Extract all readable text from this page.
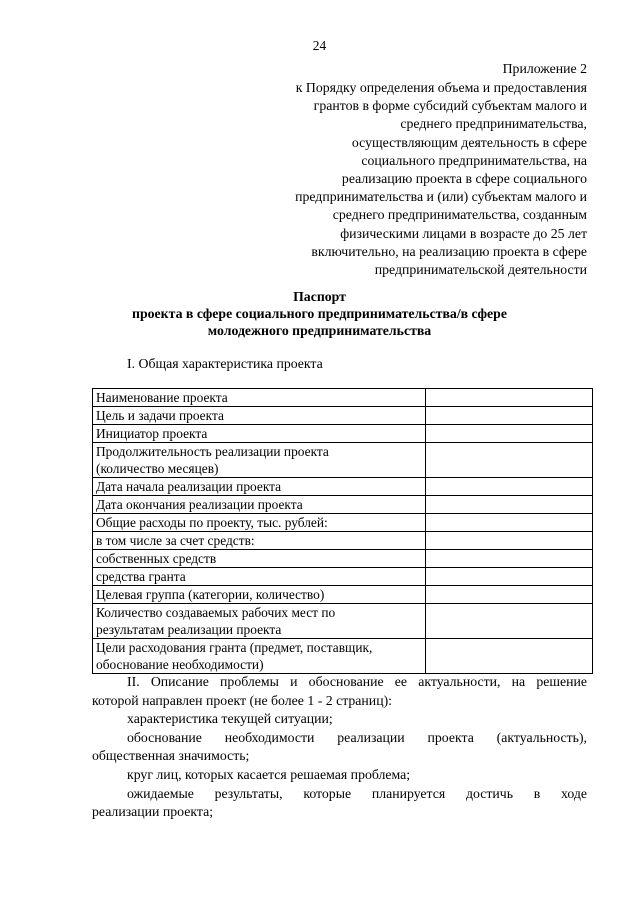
24
Приложение 2
к Порядку определения объема и предоставления
грантов в форме субсидий субъектам малого и
среднего предпринимательства,
осуществляющим деятельность в сфере
социального предпринимательства, на
реализацию проекта в сфере социального
предпринимательства и (или) субъектам малого и
среднего предпринимательства, созданным
физическими лицами в возрасте до 25 лет
включительно, на реализацию проекта в сфере
предпринимательской деятельности
Паспорт
проекта в сфере социального предпринимательства/в сфере
молодежного предпринимательства
I. Общая характеристика проекта
Наименование проекта	

Цель и задачи проекта	

Инициатор проекта	

Продолжительность реализации проекта
(количество месяцев)	

Дата начала реализации проекта	

Дата окончания реализации проекта	

Общие расходы по проекту, тыс. рублей:	

в том числе за счет средств:	

собственных средств	

средства гранта	

Целевая группа (категории, количество)	

Количество создаваемых рабочих мест по
результатам реализации проекта	

Цели расходования гранта (предмет, поставщик,
обоснование необходимости)	

II. Описание проблемы и обоснование ее актуальности, на решение
которой направлен проект (не более 1 - 2 страниц):

характеристика текущей ситуации;

обоснование необходимости реализации проекта (актуальность),
общественная значимость;

круг лиц, которых касается решаемая проблема;

ожидаемые результаты, которые планируется достичь в ходе
реализации проекта;
